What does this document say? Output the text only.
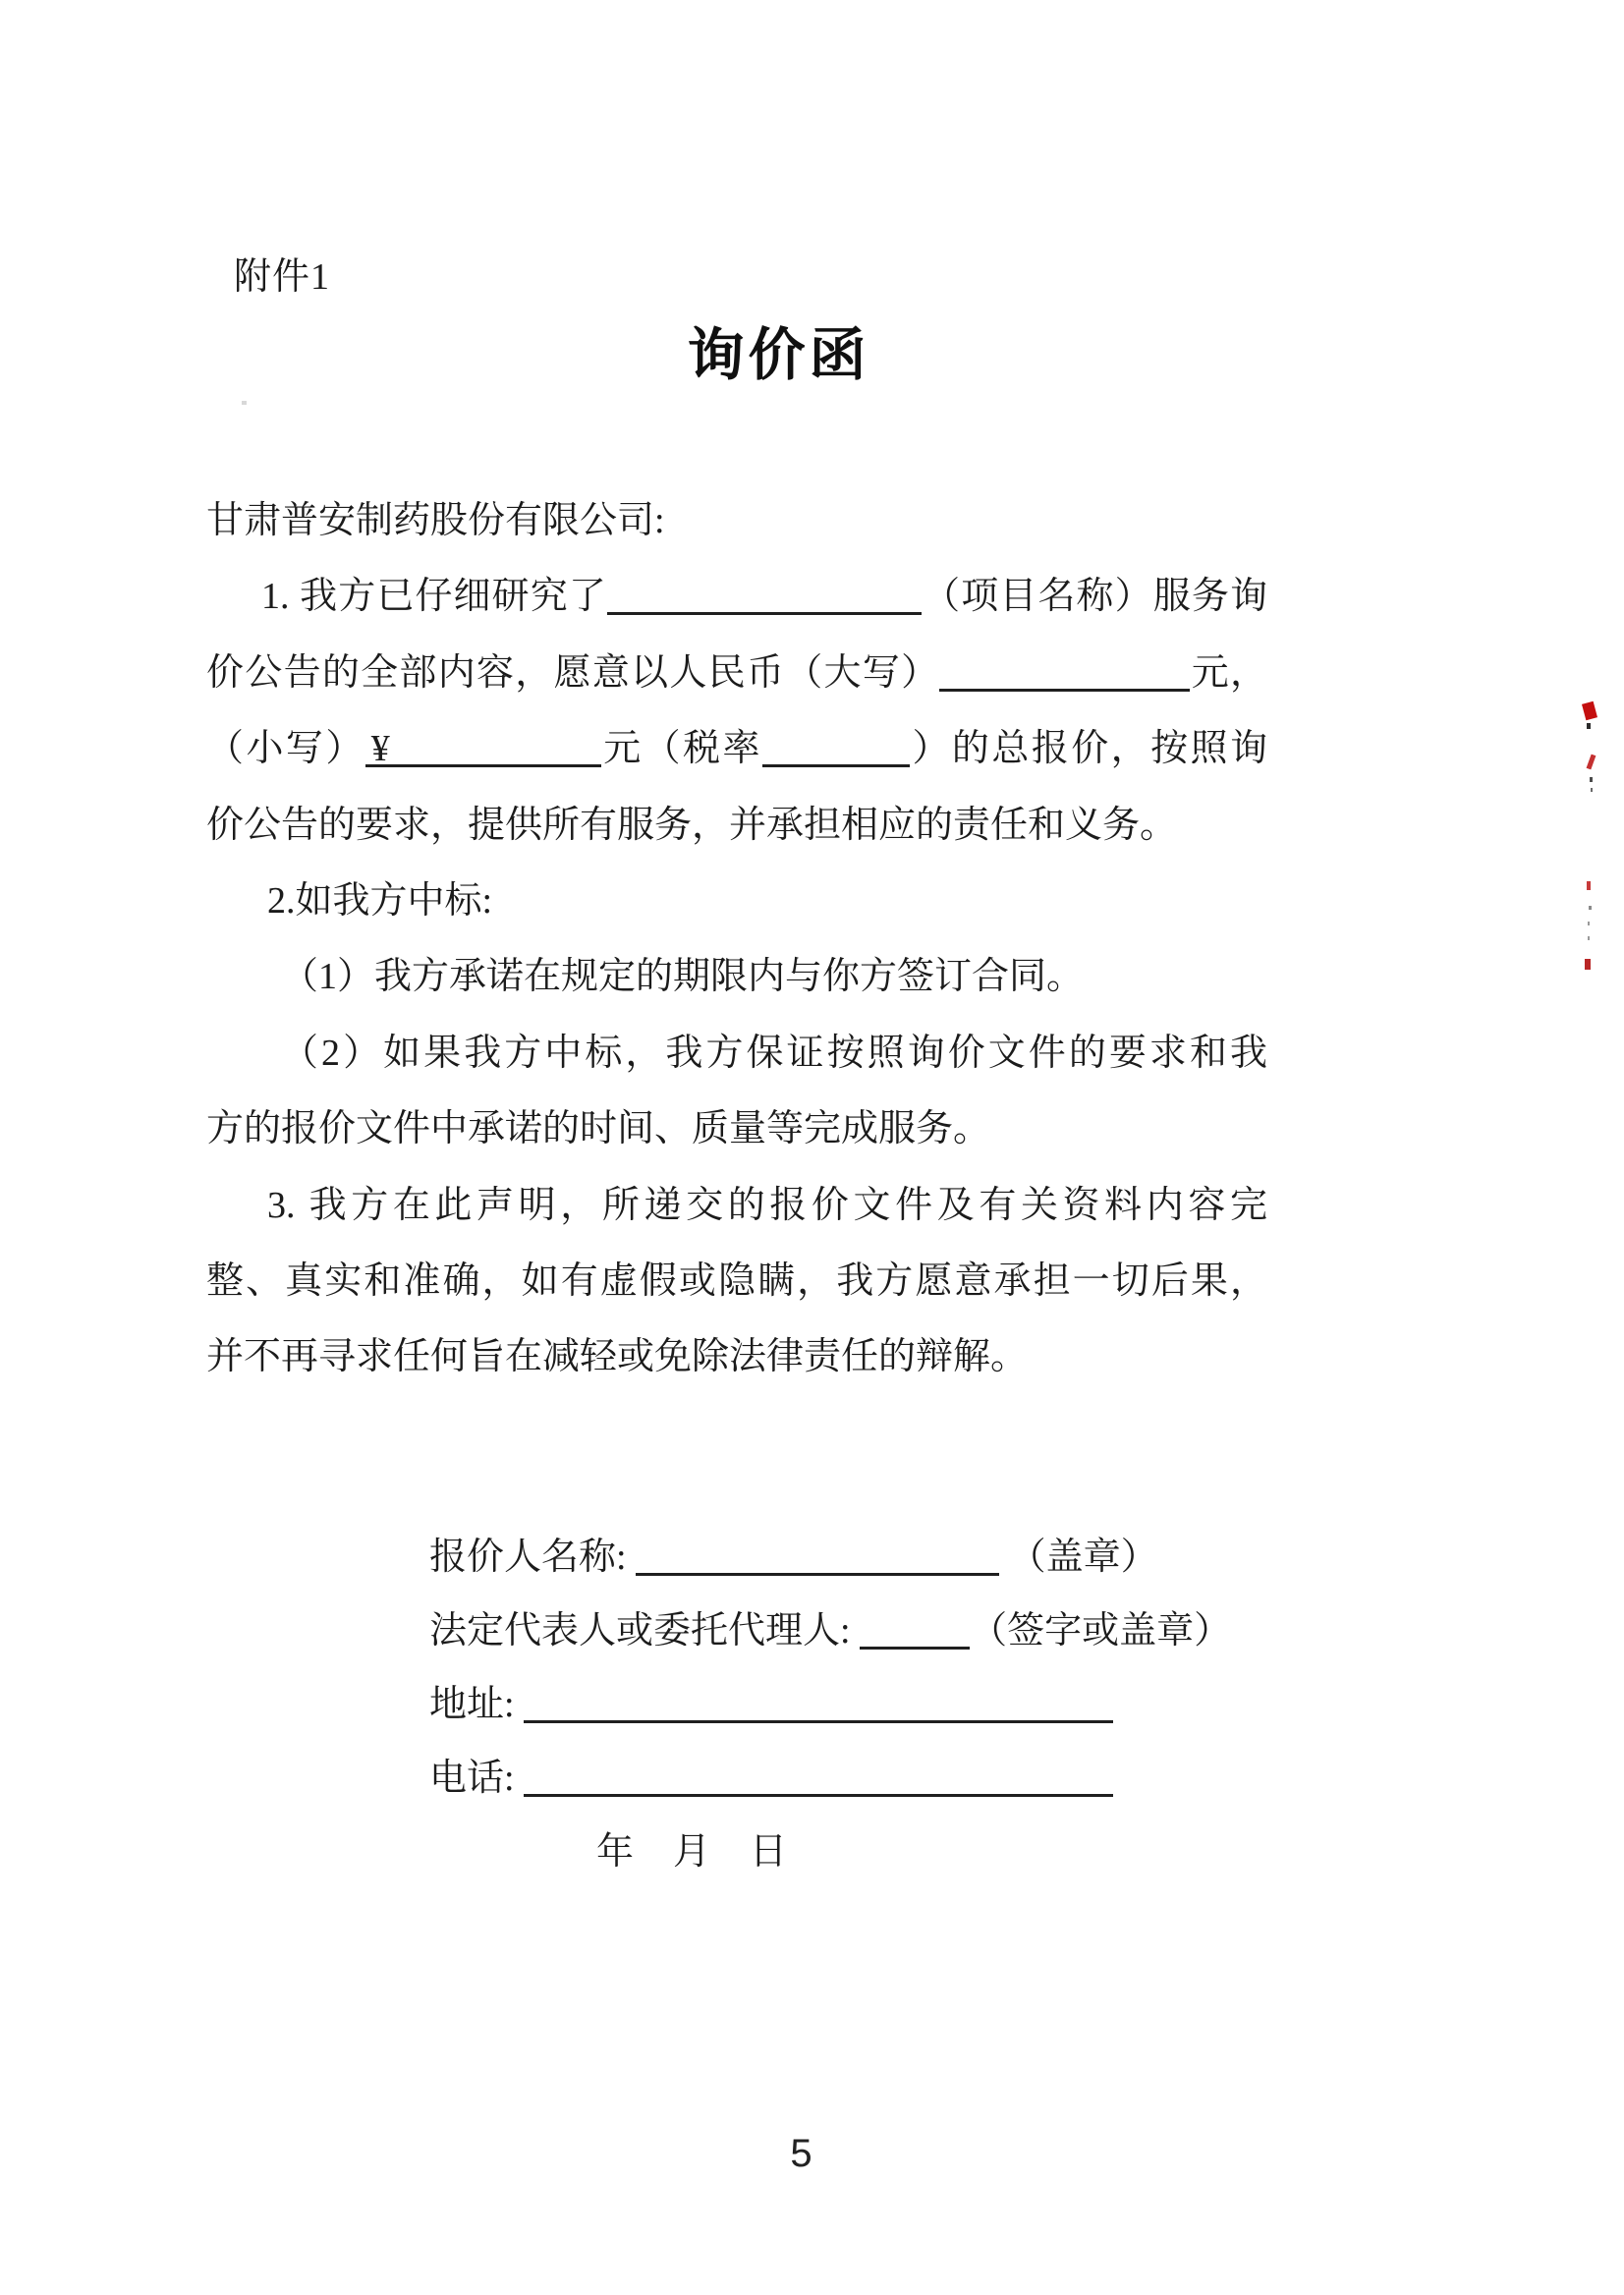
附件1
询价函
甘肃普安制药股份有限公司:
1. 我方已仔细研究了	（项目名称）服务询
价公告的全部内容，愿意以人民币（大写）	元，
（小写） ¥	元（税率	）的总报价，按照询
价公告的要求，提供所有服务，并承担相应的责任和义务。
2.如我方中标:
（1）我方承诺在规定的期限内与你方签订合同。
（2）如果我方中标，我方保证按照询价文件的要求和我
方的报价文件中承诺的时间、质量等完成服务。
3. 我方在此声明，所递交的报价文件及有关资料内容完
整、真实和准确，如有虚假或隐瞒，我方愿意承担一切后果，
并不再寻求任何旨在减轻或免除法律责任的辩解。
报价人名称:	（盖章）
法定代表人或委托代理人:	（签字或盖章）
地址:
电话:
年 月 日
5
